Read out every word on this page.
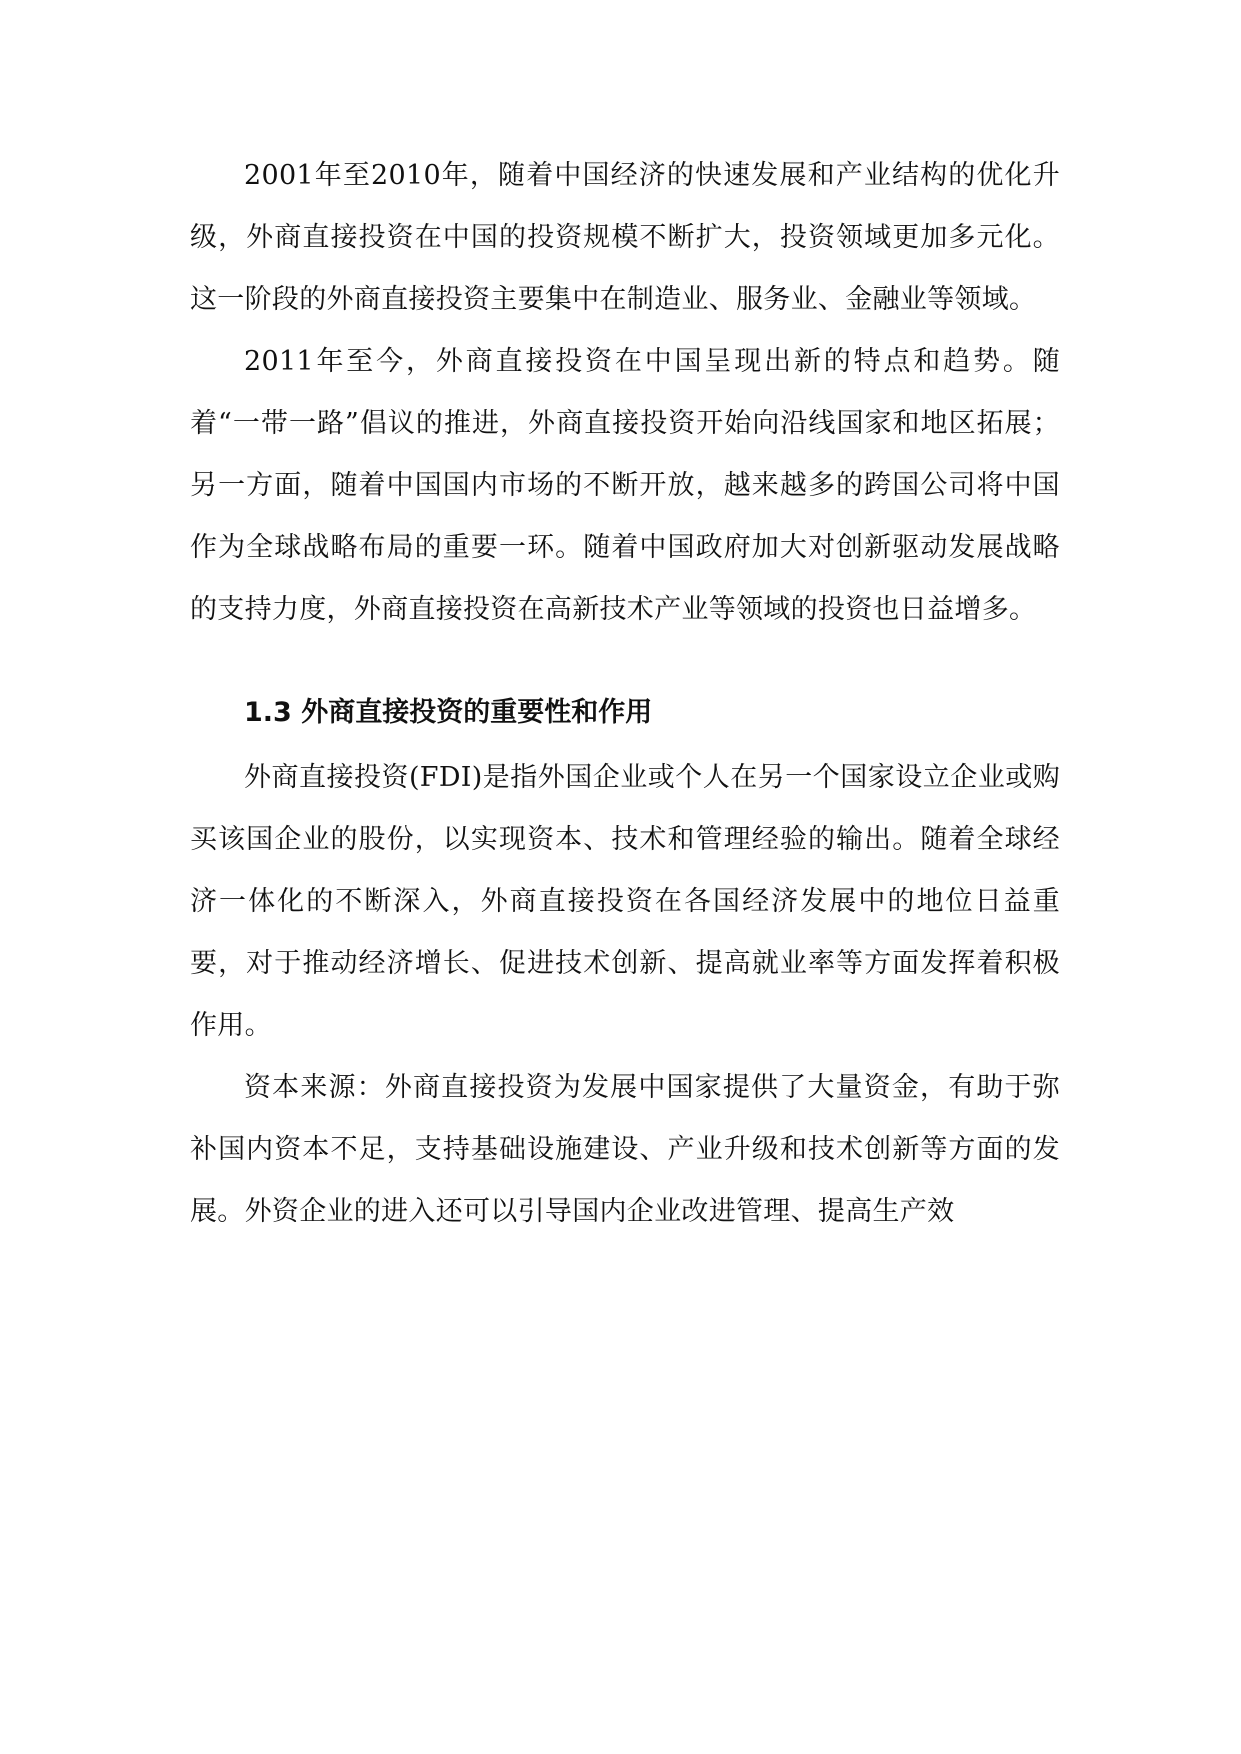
2001年至2010年，随着中国经济的快速发展和产业结构的优化升级，外商直接投资在中国的投资规模不断扩大，投资领域更加多元化。这一阶段的外商直接投资主要集中在制造业、服务业、金融业等领域。

2011年至今，外商直接投资在中国呈现出新的特点和趋势。随着“一带一路”倡议的推进，外商直接投资开始向沿线国家和地区拓展；另一方面，随着中国国内市场的不断开放，越来越多的跨国公司将中国作为全球战略布局的重要一环。随着中国政府加大对创新驱动发展战略的支持力度，外商直接投资在高新技术产业等领域的投资也日益增多。

1.3 外商直接投资的重要性和作用

外商直接投资(FDI)是指外国企业或个人在另一个国家设立企业或购买该国企业的股份，以实现资本、技术和管理经验的输出。随着全球经济一体化的不断深入，外商直接投资在各国经济发展中的地位日益重要，对于推动经济增长、促进技术创新、提高就业率等方面发挥着积极作用。

资本来源：外商直接投资为发展中国家提供了大量资金，有助于弥补国内资本不足，支持基础设施建设、产业升级和技术创新等方面的发展。外资企业的进入还可以引导国内企业改进管理、提高生产效
